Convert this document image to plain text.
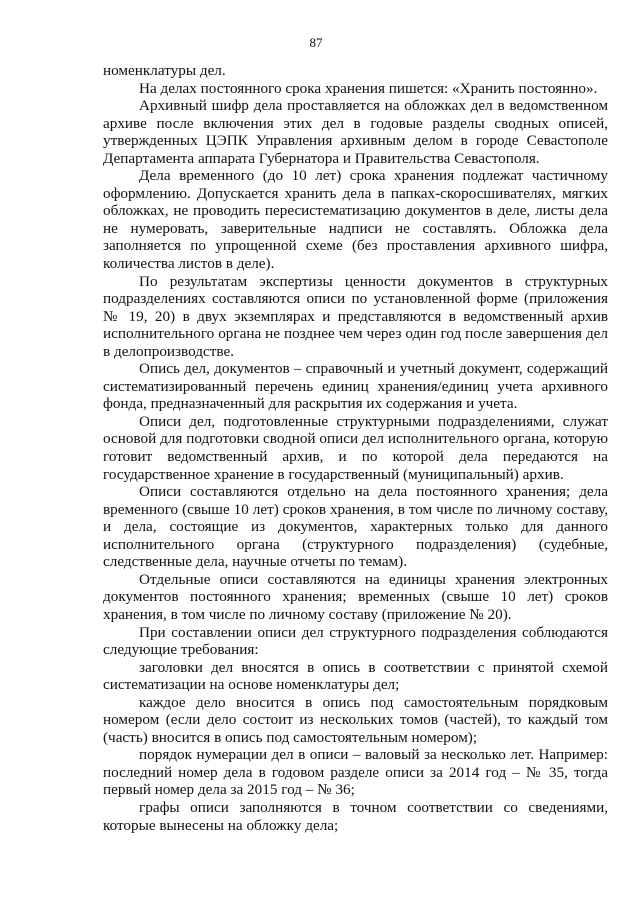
87

номенклатуры дел.

На делах постоянного срока хранения пишется: «Хранить постоянно».

Архивный шифр дела проставляется на обложках дел в ведомственном архиве после включения этих дел в годовые разделы сводных описей, утвержденных ЦЭПК Управления архивным делом в городе Севастополе Департамента аппарата Губернатора и Правительства Севастополя.

Дела временного (до 10 лет) срока хранения подлежат частичному оформлению. Допускается хранить дела в папках-скоросшивателях, мягких обложках, не проводить пересистематизацию документов в деле, листы дела не нумеровать, заверительные надписи не составлять. Обложка дела заполняется по упрощенной схеме (без проставления архивного шифра, количества листов в деле).

По результатам экспертизы ценности документов в структурных подразделениях составляются описи по установленной форме (приложения № 19, 20) в двух экземплярах и представляются в ведомственный архив исполнительного органа не позднее чем через один год после завершения дел в делопроизводстве.

Опись дел, документов – справочный и учетный документ, содержащий систематизированный перечень единиц хранения/единиц учета архивного фонда, предназначенный для раскрытия их содержания и учета.

Описи дел, подготовленные структурными подразделениями, служат основой для подготовки сводной описи дел исполнительного органа, которую готовит ведомственный архив, и по которой дела передаются на государственное хранение в государственный (муниципальный) архив.

Описи составляются отдельно на дела постоянного хранения; дела временного (свыше 10 лет) сроков хранения, в том числе по личному составу, и дела, состоящие из документов, характерных только для данного исполнительного органа (структурного подразделения) (судебные, следственные дела, научные отчеты по темам).

Отдельные описи составляются на единицы хранения электронных документов постоянного хранения; временных (свыше 10 лет) сроков хранения, в том числе по личному составу (приложение № 20).

При составлении описи дел структурного подразделения соблюдаются следующие требования:

заголовки дел вносятся в опись в соответствии с принятой схемой систематизации на основе номенклатуры дел;

каждое дело вносится в опись под самостоятельным порядковым номером (если дело состоит из нескольких томов (частей), то каждый том (часть) вносится в опись под самостоятельным номером);

порядок нумерации дел в описи – валовый за несколько лет. Например: последний номер дела в годовом разделе описи за 2014 год – № 35, тогда первый номер дела за 2015 год – № 36;

графы описи заполняются в точном соответствии со сведениями, которые вынесены на обложку дела;
